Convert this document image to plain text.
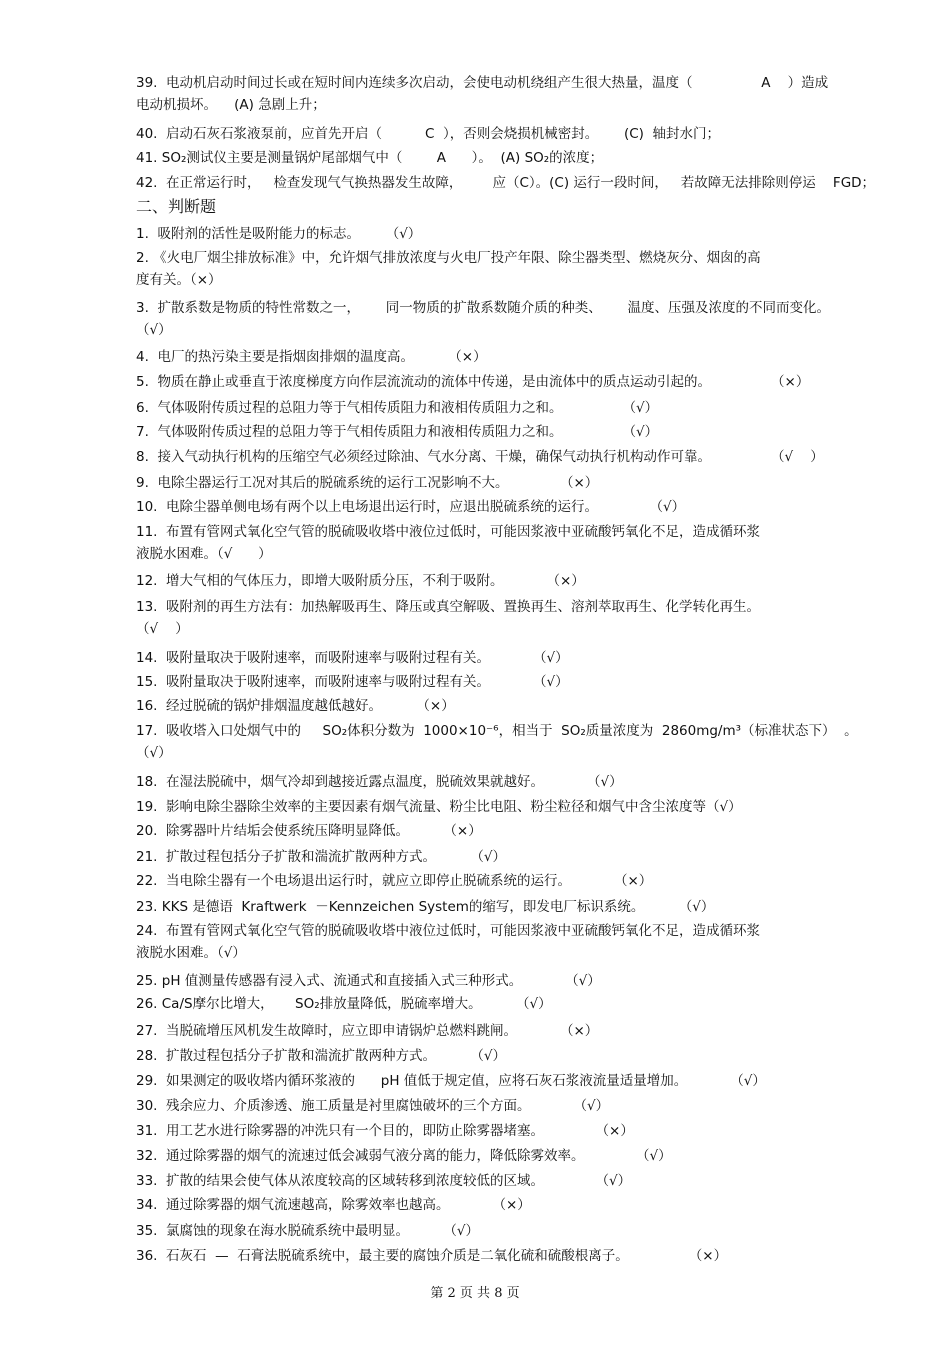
39.  电动机启动时间过长或在短时间内连续多次启动，会使电动机绕组产生很大热量，温度（                A    ）造成
电动机损坏。    (A) 急剧上升；
40.  启动石灰石浆液泵前，应首先开启（          C  ），否则会烧损机械密封。      (C)  轴封水门；
41. SO₂测试仪主要是测量锅炉尾部烟气中（        A      ）。  (A) SO₂的浓度；
42.  在正常运行时，   检查发现气气换热器发生故障，       应（C）。(C) 运行一段时间，   若故障无法排除则停运    FGD；
二、判断题
1.  吸附剂的活性是吸附能力的标志。      （√）
2. 《火电厂烟尘排放标准》中，允许烟气排放浓度与火电厂投产年限、除尘器类型、燃烧灰分、烟囱的高
度有关。（×）
3.  扩散系数是物质的特性常数之一，      同一物质的扩散系数随介质的种类、      温度、压强及浓度的不同而变化。
（√）
4.  电厂的热污染主要是指烟囱排烟的温度高。        （×）
5.  物质在静止或垂直于浓度梯度方向作层流流动的流体中传递，是由流体中的质点运动引起的。              （×）
6.  气体吸附传质过程的总阻力等于气相传质阻力和液相传质阻力之和。              （√）
7.  气体吸附传质过程的总阻力等于气相传质阻力和液相传质阻力之和。              （√）
8.  接入气动执行机构的压缩空气必须经过除油、气水分离、干燥，确保气动执行机构动作可靠。              （√    ）
9.  电除尘器运行工况对其后的脱硫系统的运行工况影响不大。            （×）
10.  电除尘器单侧电场有两个以上电场退出运行时，应退出脱硫系统的运行。            （√）
11.  布置有管网式氧化空气管的脱硫吸收塔中液位过低时，可能因浆液中亚硫酸钙氧化不足，造成循环浆
液脱水困难。（√      ）
12.  增大气相的气体压力，即增大吸附质分压，不利于吸附。          （×）
13.  吸附剂的再生方法有：加热解吸再生、降压或真空解吸、置换再生、溶剂萃取再生、化学转化再生。
（√    ）
14.  吸附量取决于吸附速率，而吸附速率与吸附过程有关。          （√）
15.  吸附量取决于吸附速率，而吸附速率与吸附过程有关。          （√）
16.  经过脱硫的锅炉排烟温度越低越好。        （×）
17.  吸收塔入口处烟气中的     SO₂体积分数为  1000×10⁻⁶，相当于  SO₂质量浓度为  2860mg/m³（标准状态下）  。
（√）
18.  在湿法脱硫中，烟气冷却到越接近露点温度，脱硫效果就越好。          （√）
19.  影响电除尘器除尘效率的主要因素有烟气流量、粉尘比电阻、粉尘粒径和烟气中含尘浓度等（√）
20.  除雾器叶片结垢会使系统压降明显降低。        （×）
21.  扩散过程包括分子扩散和湍流扩散两种方式。        （√）
22.  当电除尘器有一个电场退出运行时，就应立即停止脱硫系统的运行。          （×）
23. KKS 是德语  Kraftwerk  －Kennzeichen System的缩写，即发电厂标识系统。        （√）
24.  布置有管网式氧化空气管的脱硫吸收塔中液位过低时，可能因浆液中亚硫酸钙氧化不足，造成循环浆
液脱水困难。（√）
25. pH 值测量传感器有浸入式、流通式和直接插入式三种形式。          （√）
26. Ca/S摩尔比增大，     SO₂排放量降低，脱硫率增大。        （√）
27.  当脱硫增压风机发生故障时，应立即申请锅炉总燃料跳闸。          （×）
28.  扩散过程包括分子扩散和湍流扩散两种方式。        （√）
29.  如果测定的吸收塔内循环浆液的      pH 值低于规定值，应将石灰石浆液流量适量增加。          （√）
30.  残余应力、介质渗透、施工质量是衬里腐蚀破坏的三个方面。          （√）
31.  用工艺水进行除雾器的冲洗只有一个目的，即防止除雾器堵塞。            （×）
32.  通过除雾器的烟气的流速过低会减弱气液分离的能力，降低除雾效率。            （√）
33.  扩散的结果会使气体从浓度较高的区域转移到浓度较低的区域。            （√）
34.  通过除雾器的烟气流速越高，除雾效率也越高。          （×）
35.  氯腐蚀的现象在海水脱硫系统中最明显。        （√）
36.  石灰石  —  石膏法脱硫系统中，最主要的腐蚀介质是二氧化硫和硫酸根离子。              （×）
第 2 页 共 8 页
